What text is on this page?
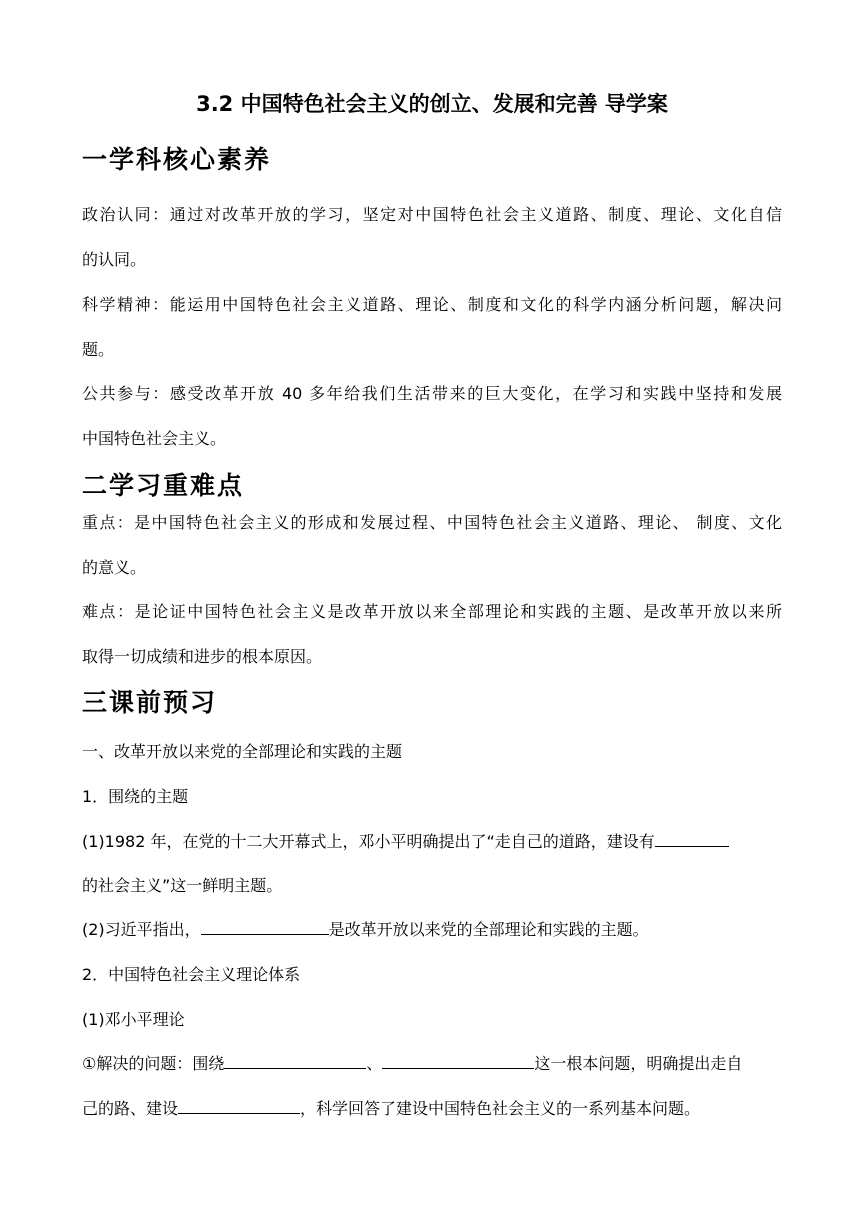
3.2 中国特色社会主义的创立、发展和完善 导学案
一学科核心素养
政治认同：通过对改革开放的学习，坚定对中国特色社会主义道路、制度、理论、文化自信
的认同。
科学精神：能运用中国特色社会主义道路、理论、制度和文化的科学内涵分析问题，解决问
题。
公共参与：感受改革开放 40 多年给我们生活带来的巨大变化，在学习和实践中坚持和发展
中国特色社会主义。
二学习重难点
重点：是中国特色社会主义的形成和发展过程、中国特色社会主义道路、理论、 制度、文化
的意义。
难点：是论证中国特色社会主义是改革开放以来全部理论和实践的主题、是改革开放以来所
取得一切成绩和进步的根本原因。
三课前预习
一、改革开放以来党的全部理论和实践的主题
1．围绕的主题
(1)1982 年，在党的十二大开幕式上，邓小平明确提出了“走自己的道路，建设有
的社会主义”这一鲜明主题。
(2)习近平指出，	是改革开放以来党的全部理论和实践的主题。
2．中国特色社会主义理论体系
(1)邓小平理论
①解决的问题：围绕	、	这一根本问题，明确提出走自
己的路、建设	，科学回答了建设中国特色社会主义的一系列基本问题。
